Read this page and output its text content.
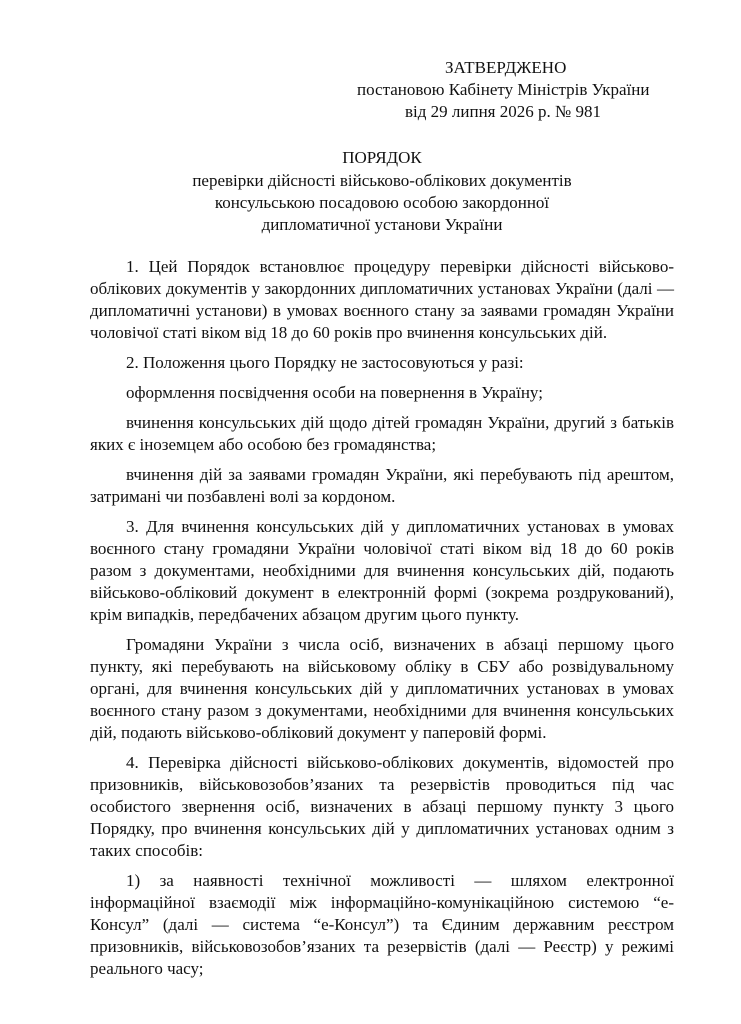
ЗАТВЕРДЖЕНО
постановою Кабінету Міністрів України
від 29 липня 2026 р. № 981
ПОРЯДОК
перевірки дійсності військово-облікових документів
консульською посадовою особою закордонної
дипломатичної установи України

1. Цей Порядок встановлює процедуру перевірки дійсності військово-облікових документів у закордонних дипломатичних установах України (далі — дипломатичні установи) в умовах воєнного стану за заявами громадян України чоловічої статі віком від 18 до 60 років про вчинення консульських дій.

2. Положення цього Порядку не застосовуються у разі:

оформлення посвідчення особи на повернення в Україну;

вчинення консульських дій щодо дітей громадян України, другий з батьків яких є іноземцем або особою без громадянства;

вчинення дій за заявами громадян України, які перебувають під арештом, затримані чи позбавлені волі за кордоном.

3. Для вчинення консульських дій у дипломатичних установах в умовах воєнного стану громадяни України чоловічої статі віком від 18 до 60 років разом з документами, необхідними для вчинення консульських дій, подають військово-обліковий документ в електронній формі (зокрема роздрукований), крім випадків, передбачених абзацом другим цього пункту.

Громадяни України з числа осіб, визначених в абзаці першому цього пункту, які перебувають на військовому обліку в СБУ або розвідувальному органі, для вчинення консульських дій у дипломатичних установах в умовах воєнного стану разом з документами, необхідними для вчинення консульських дій, подають військово-обліковий документ у паперовій формі.

4. Перевірка дійсності військово-облікових документів, відомостей про призовників, військовозобов’язаних та резервістів проводиться під час особистого звернення осіб, визначених в абзаці першому пункту 3 цього Порядку, про вчинення консульських дій у дипломатичних установах одним з таких способів:

1) за наявності технічної можливості — шляхом електронної інформаційної взаємодії між інформаційно-комунікаційною системою “е-Консул” (далі — система “е-Консул”) та Єдиним державним реєстром призовників, військовозобов’язаних та резервістів (далі — Реєстр) у режимі реального часу;
